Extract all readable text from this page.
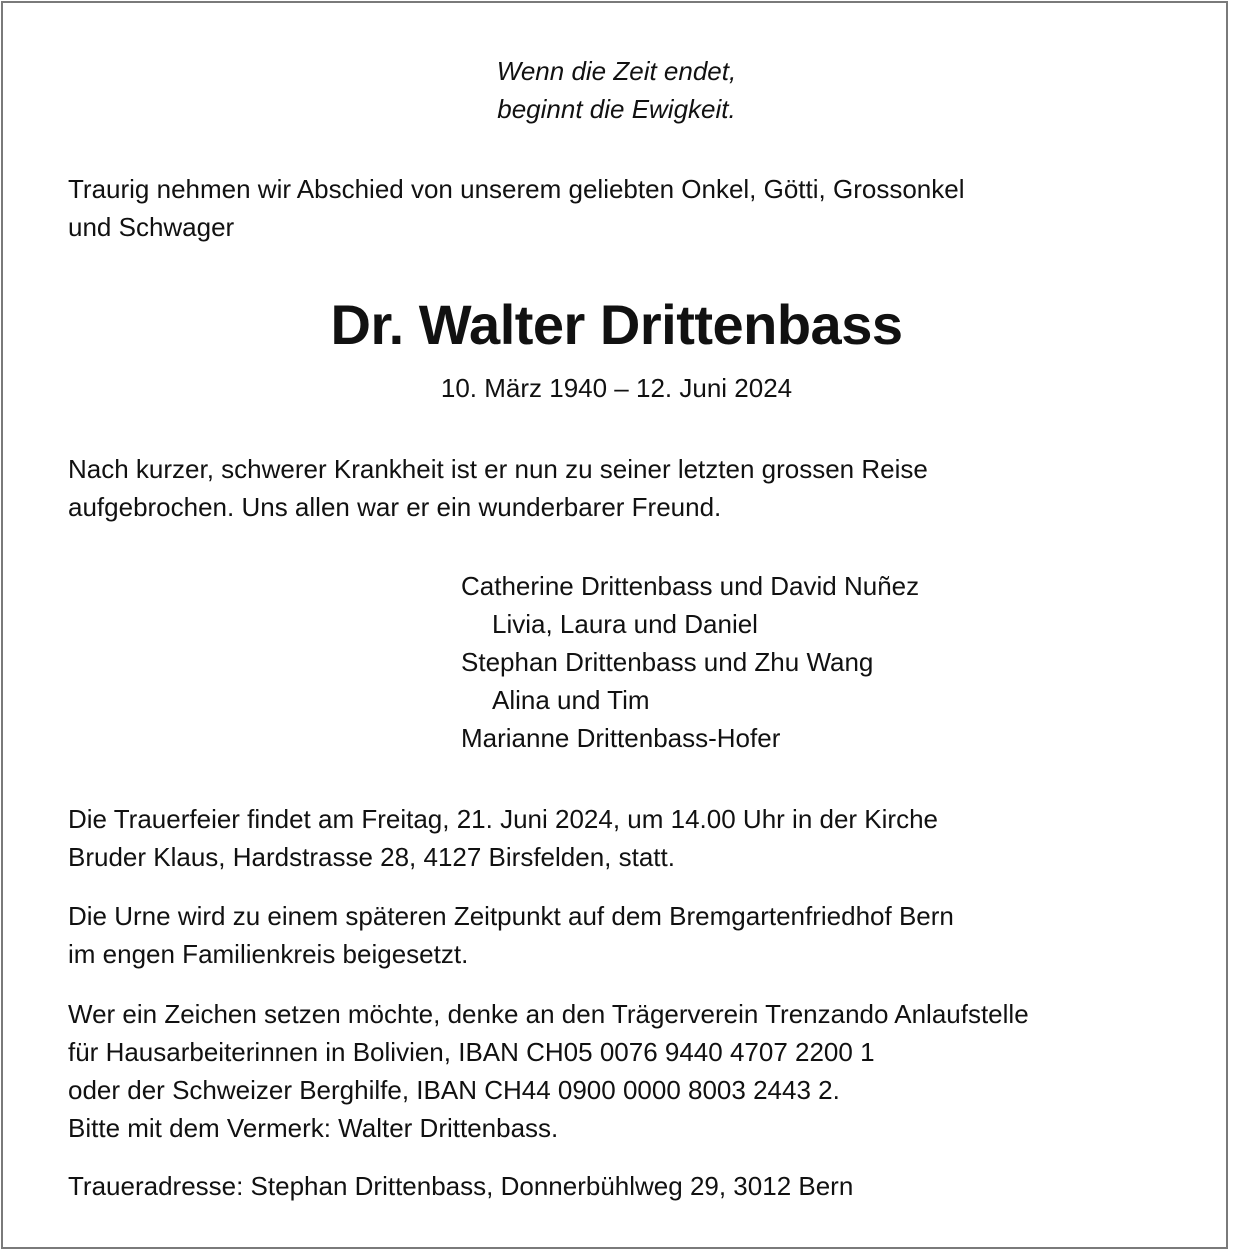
Wenn die Zeit endet,
beginnt die Ewigkeit.

Traurig nehmen wir Abschied von unserem geliebten Onkel, Götti, Grossonkel
und Schwager

Dr. Walter Drittenbass
10. März 1940 – 12. Juni 2024

Nach kurzer, schwerer Krankheit ist er nun zu seiner letzten grossen Reise
aufgebrochen. Uns allen war er ein wunderbarer Freund.

Catherine Drittenbass und David Nuñez
Livia, Laura und Daniel
Stephan Drittenbass und Zhu Wang
Alina und Tim
Marianne Drittenbass-Hofer

Die Trauerfeier findet am Freitag, 21. Juni 2024, um 14.00 Uhr in der Kirche
Bruder Klaus, Hardstrasse 28, 4127 Birsfelden, statt.

Die Urne wird zu einem späteren Zeitpunkt auf dem Bremgartenfriedhof Bern
im engen Familienkreis beigesetzt.

Wer ein Zeichen setzen möchte, denke an den Trägerverein Trenzando Anlaufstelle
für Hausarbeiterinnen in Bolivien, IBAN CH05 0076 9440 4707 2200 1
oder der Schweizer Berghilfe, IBAN CH44 0900 0000 8003 2443 2.
Bitte mit dem Vermerk: Walter Drittenbass.

Traueradresse: Stephan Drittenbass, Donnerbühlweg 29, 3012 Bern
